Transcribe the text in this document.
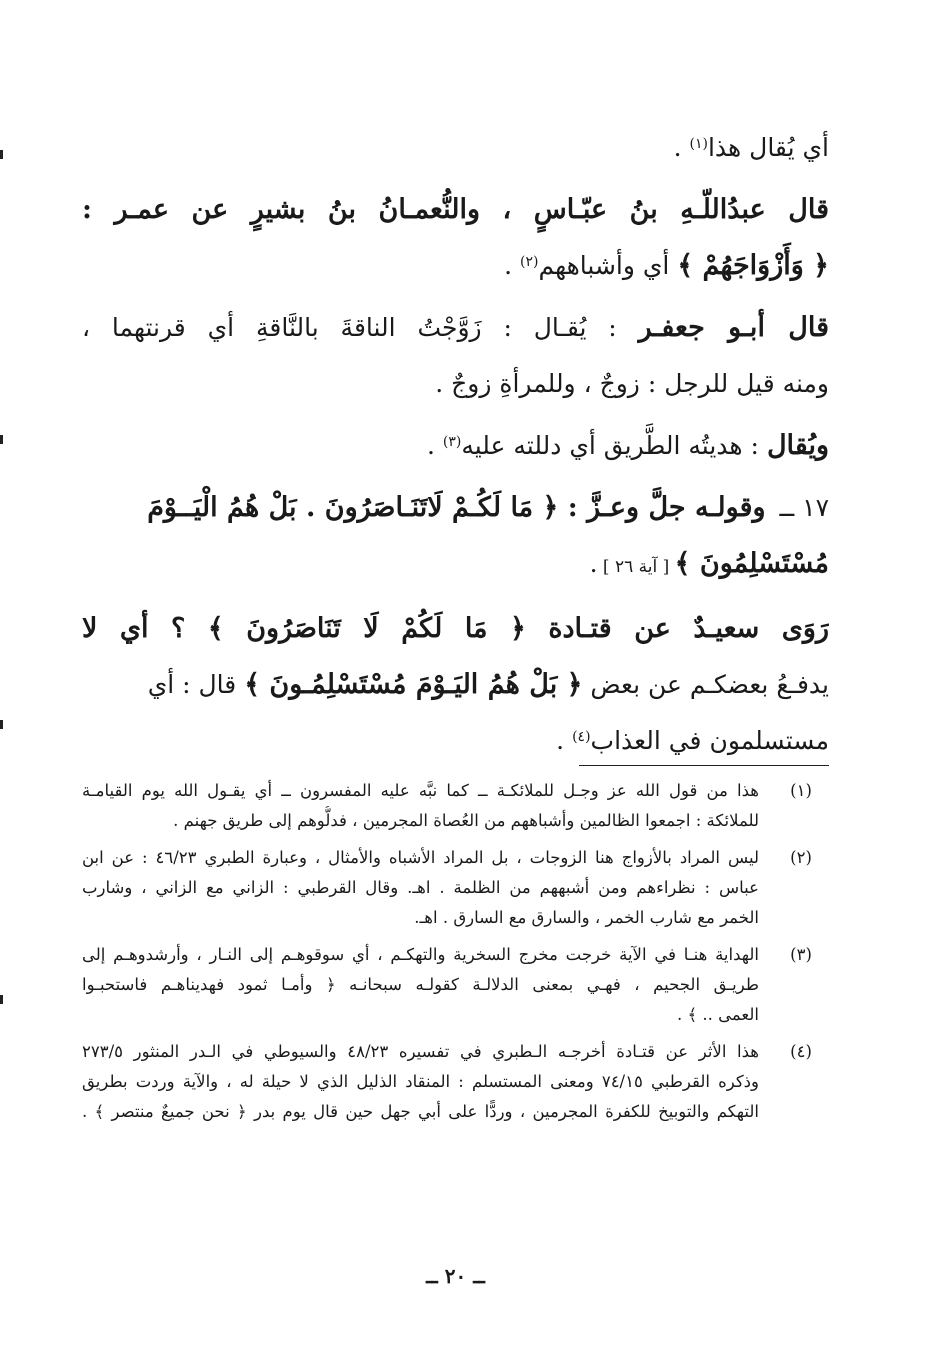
أي يُقال هذا$^{(١)}$ .
قال عبدُاللّـهِ بنُ عبّـاسٍ ، والنُّعمـانُ بنُ بشيرٍ عن عمـر :
﴿ وَأَزْوَاجَهُمْ ﴾ أي وأشباههم$^{(٢)}$ .
قال أبـو جعفـر : يُقـال : زَوَّجْتُ الناقةَ بالنَّاقةِ أي قرنتهما ،
ومنه قيل للرجل : زوجٌ ، وللمرأةِ زوجٌ .
ويُقال : هديتُه الطَّريق أي دللته عليه$^{(٣)}$ .
١٧ ــوقولـه جلَّ وعـزَّ : ﴿ مَا لَكُـمْ لَاتَنَـاصَرُونَ . بَلْ هُمُ الْيَــوْمَ
مُسْتَسْلِمُونَ ﴾ [ آية ٢٦ ] .
رَوَى سعيـدٌ عن قتـادة ﴿ مَا لَكُمْ لَا تَنَاصَرُونَ ﴾ ؟ أي لا
يدفـعُ بعضكـم عن بعض ﴿ بَلْ هُمُ اليَـوْمَ مُسْتَسْلِمُـونَ ﴾ قال : أي
مستسلمون في العذاب$^{(٤)}$ .
(١)
هذا من قول الله عز وجـل للملائكـة ــ كما نبَّه عليه المفسرون ــ أي يقـول الله يوم القيامـة
للملائكة : اجمعوا الظالمين وأشباههم من العُصاة المجرمين ، فدلُّوهم إلى طريق جهنم .
(٢)
ليس المراد بالأزواج هنا الزوجات ، بل المراد الأشباه والأمثال ، وعبارة الطبري ٤٦/٢٣ : عن ابن
عباس : نظراءهم ومن أشبههم من الظلمة . اهـ. وقال القرطبي : الزاني مع الزاني ، وشارب
الخمر مع شارب الخمر ، والسارق مع السارق . اهـ.
(٣)
الهداية هنـا في الآية خرجت مخرج السخرية والتهكـم ، أي سوقوهـم إلى النـار ، وأرشدوهـم إلى
طريـق الجحيم ، فهـي بمعنى الدلالـة كقولـه سبحانـه ﴿ وأمـا ثمود فهديناهـم فاستحبـوا
العمى .. ﴾ .
(٤)
هذا الأثر عن قتـادة أخرجـه الـطبري في تفسيره ٤٨/٢٣ والسيوطي في الـدر المنثور ٢٧٣/٥
وذكره القرطبي ٧٤/١٥ ومعنى المستسلم : المنقاد الذليل الذي لا حيلة له ، والآية وردت بطريق
التهكم والتوبيخ للكفرة المجرمين ، وردًّا على أبي جهل حين قال يوم بدر ﴿ نحن جميعٌ منتصر ﴾ .
ــ ٢٠ ــ
